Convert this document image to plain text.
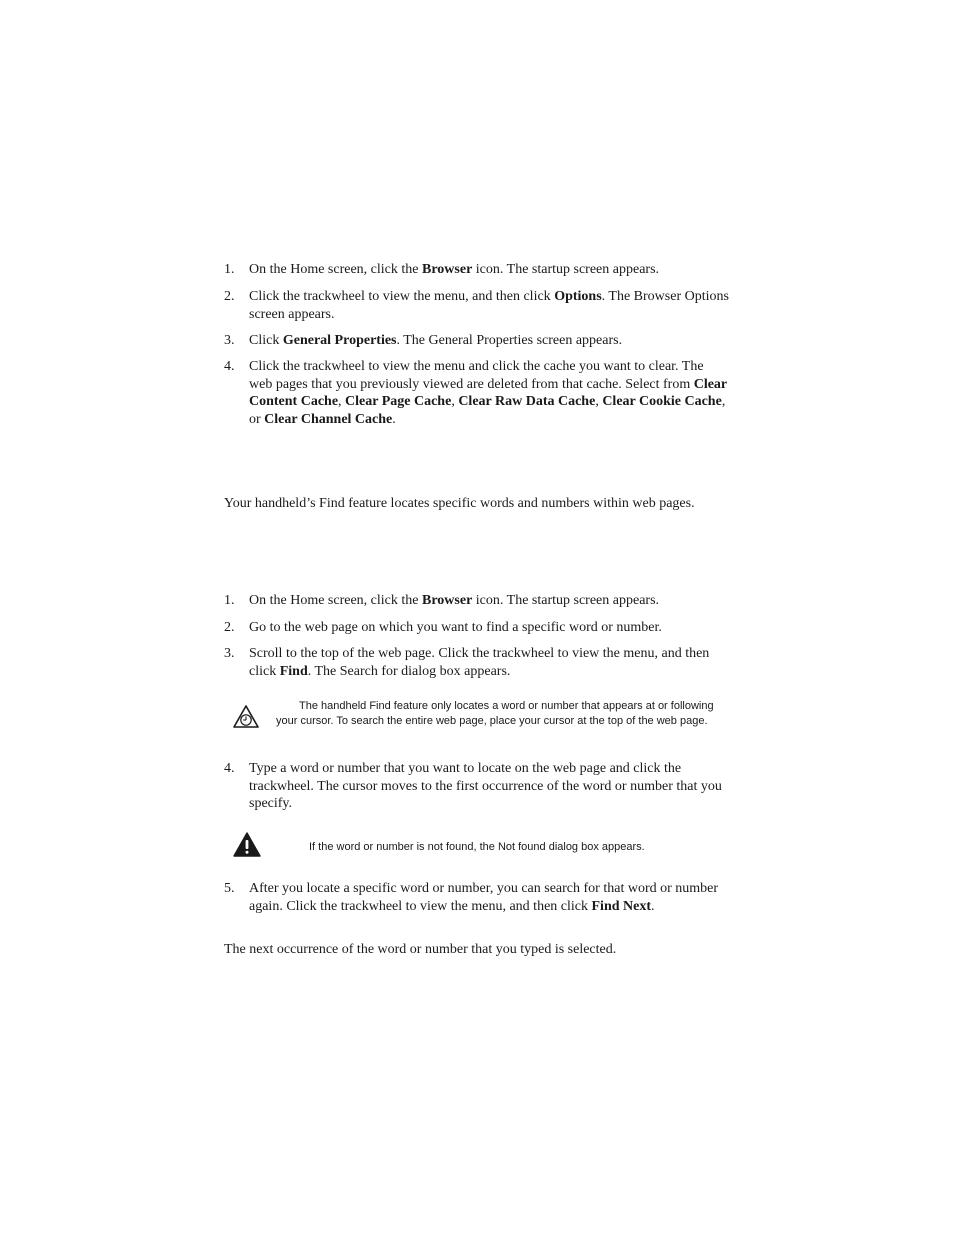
1.	On the Home screen, click the Browser icon. The startup screen appears.
2.	Click the trackwheel to view the menu, and then click Options. The Browser Options screen appears.
3.	Click General Properties. The General Properties screen appears.
4.	Click the trackwheel to view the menu and click the cache you want to clear. The web pages that you previously viewed are deleted from that cache. Select from Clear Content Cache, Clear Page Cache, Clear Raw Data Cache, Clear Cookie Cache, or Clear Channel Cache.
Your handheld’s Find feature locates specific words and numbers within web pages.
1.	On the Home screen, click the Browser icon. The startup screen appears.
2.	Go to the web page on which you want to find a specific word or number.
3.	Scroll to the top of the web page. Click the trackwheel to view the menu, and then click Find. The Search for dialog box appears.
The handheld Find feature only locates a word or number that appears at or following your cursor. To search the entire web page, place your cursor at the top of the web page.
4.	Type a word or number that you want to locate on the web page and click the trackwheel. The cursor moves to the first occurrence of the word or number that you specify.
If the word or number is not found, the Not found dialog box appears.
5.	After you locate a specific word or number, you can search for that word or number again. Click the trackwheel to view the menu, and then click Find Next.
The next occurrence of the word or number that you typed is selected.
